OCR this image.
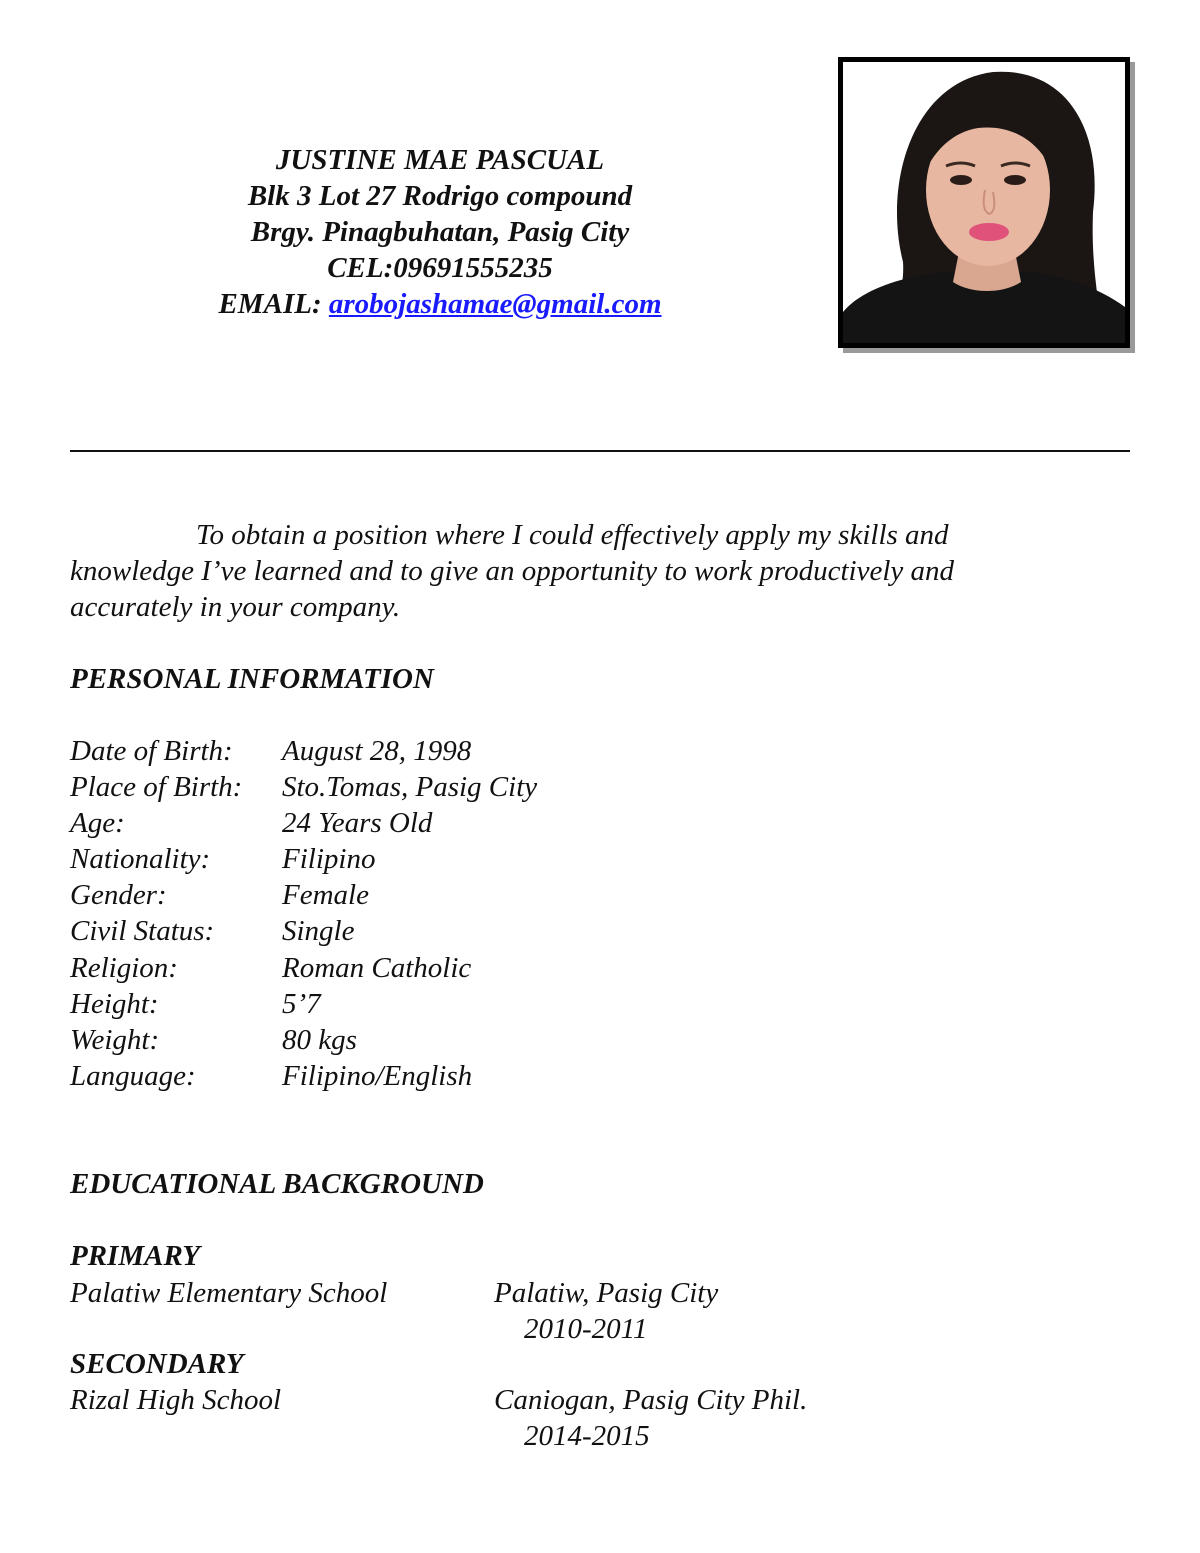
JUSTINE MAE PASCUAL
Blk 3 Lot 27 Rodrigo compound
Brgy. Pinagbuhatan, Pasig City
CEL:09691555235
EMAIL: arobojashamae@gmail.com
To obtain a position where I could effectively apply my skills and knowledge I’ve learned and to give an opportunity to work productively and accurately in your company.
PERSONAL INFORMATION
Date of Birth: August 28, 1998
Place of Birth: Sto.Tomas, Pasig City
Age:	24 Years Old
Nationality: Filipino
Gender:	Female
Civil Status: Single
Religion:	Roman Catholic
Height:	5’7
Weight:	80 kgs
Language:	Filipino/English
EDUCATIONAL BACKGROUND
PRIMARY
Palatiw Elementary School	Palatiw, Pasig City
2010-2011
SECONDARY
Rizal High School	Caniogan, Pasig City Phil.
2014-2015
